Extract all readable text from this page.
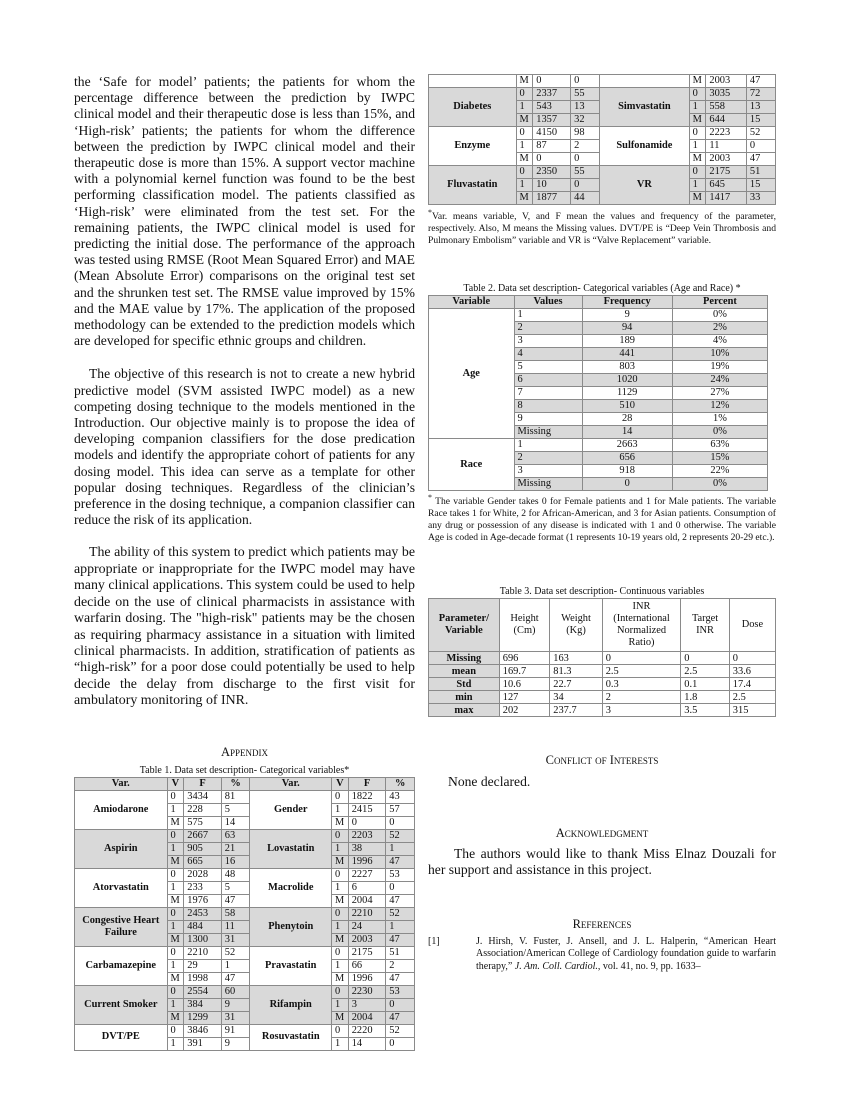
the ‘Safe for model’ patients; the patients for whom the percentage difference between the prediction by IWPC clinical model and their therapeutic dose is less than 15%, and ‘High-risk’ patients; the patients for whom the difference between the prediction by IWPC clinical model and their therapeutic dose is more than 15%. A support vector machine with a polynomial kernel function was found to be the best performing classification model. The patients classified as ‘High-risk’ were eliminated from the test set. For the remaining patients, the IWPC clinical model is used for predicting the initial dose. The performance of the approach was tested using RMSE (Root Mean Squared Error) and MAE (Mean Absolute Error) comparisons on the original test set and the shrunken test set. The RMSE value improved by 15% and the MAE value by 17%. The application of the proposed methodology can be extended to the prediction models which are developed for specific ethnic groups and children.

The objective of this research is not to create a new hybrid predictive model (SVM assisted IWPC model) as a new competing dosing technique to the models mentioned in the Introduction. Our objective mainly is to propose the idea of developing companion classifiers for the dose predication models and identify the appropriate cohort of patients for any dosing model. This idea can serve as a template for other popular dosing techniques. Regardless of the clinician’s preference in the dosing technique, a companion classifier can reduce the risk of its application.

The ability of this system to predict which patients may be appropriate or inappropriate for the IWPC model may have many clinical applications. This system could be used to help decide on the use of clinical pharmacists in assistance with warfarin dosing. The "high-risk" patients may be the chosen as requiring pharmacy assistance in a situation with limited clinical pharmacists. In addition, stratification of patients as “high-risk” for a poor dose could potentially be used to help decide the delay from discharge to the first visit for ambulatory monitoring of INR.

Appendix
Table 1. Data set description- Categorical variables*
Var.	V	F	%	Var.	V	F	%
Amiodarone	0	3434	81	Gender	0	1822	43
	1	228	5		1	2415	57
	M	575	14		M	0	0
Aspirin	0	2667	63	Lovastatin	0	2203	52
	1	905	21		1	38	1
	M	665	16		M	1996	47
Atorvastatin	0	2028	48	Macrolide	0	2227	53
	1	233	5		1	6	0
	M	1976	47		M	2004	47
Congestive Heart Failure	0	2453	58	Phenytoin	0	2210	52
	1	484	11		1	24	1
	M	1300	31		M	2003	47
Carbamazepine	0	2210	52	Pravastatin	0	2175	51
	1	29	1		1	66	2
	M	1998	47		M	1996	47
Current Smoker	0	2554	60	Rifampin	0	2230	53
	1	384	9		1	3	0
	M	1299	31		M	2004	47
DVT/PE	0	3846	91	Rosuvastatin	0	2220	52
	1	391	9		1	14	0
	M	0	0		M	2003	47
Diabetes	0	2337	55	Simvastatin	0	3035	72
	1	543	13		1	558	13
	M	1357	32		M	644	15
Enzyme	0	4150	98	Sulfonamide	0	2223	52
	1	87	2		1	11	0
	M	0	0		M	2003	47
Fluvastatin	0	2350	55	VR	0	2175	51
	1	10	0		1	645	15
	M	1877	44		M	1417	33

*Var. means variable, V, and F mean the values and frequency of the parameter, respectively. Also, M means the Missing values. DVT/PE is “Deep Vein Thrombosis and Pulmonary Embolism” variable and VR is “Valve Replacement” variable.

Table 2. Data set description- Categorical variables (Age and Race) *
Variable	Values	Frequency	Percent
Age	1	9	0%
	2	94	2%
	3	189	4%
	4	441	10%
	5	803	19%
	6	1020	24%
	7	1129	27%
	8	510	12%
	9	28	1%
	Missing	14	0%
Race	1	2663	63%
	2	656	15%
	3	918	22%
	Missing	0	0%

* The variable Gender takes 0 for Female patients and 1 for Male patients. The variable Race takes 1 for White, 2 for African-American, and 3 for Asian patients. Consumption of any drug or possession of any disease is indicated with 1 and 0 otherwise. The variable Age is coded in Age-decade format (1 represents 10-19 years old, 2 represents 20-29 etc.).

Table 3. Data set description- Continuous variables
Parameter/ Variable	Height (Cm)	Weight (Kg)	INR (International Normalized Ratio)	Target INR	Dose
Missing	696	163	0	0	0
mean	169.7	81.3	2.5	2.5	33.6
Std	10.6	22.7	0.3	0.1	17.4
min	127	34	2	1.8	2.5
max	202	237.7	3	3.5	315
Conflict of Interests

None declared.

Acknowledgment

The authors would like to thank Miss Elnaz Douzali for her support and assistance in this project.

References
[1]	J. Hirsh, V. Fuster, J. Ansell, and J. L. Halperin, “American Heart Association/American College of Cardiology foundation guide to warfarin therapy,” J. Am. Coll. Cardiol., vol. 41, no. 9, pp. 1633–
